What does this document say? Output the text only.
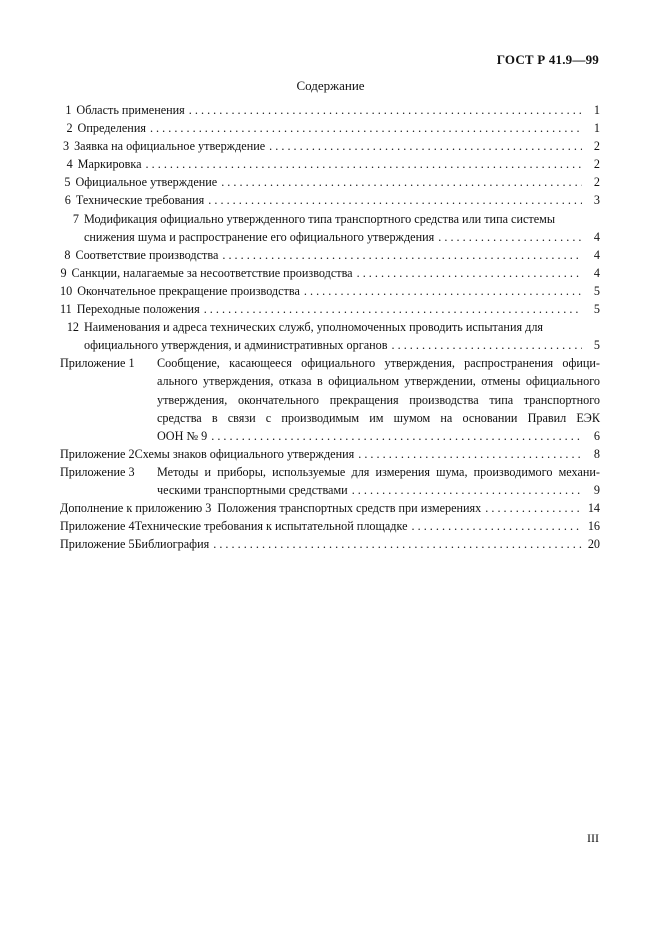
ГОСТ Р 41.9—99
Содержание
1 Область применения . . .	1
2 Определения . . .	1
3 Заявка на официальное утверждение . . .	2
4 Маркировка . . .	2
5 Официальное утверждение . . .	2
6 Технические требования . . .	3
7 Модификация официально утвержденного типа транспортного средства или типа системы
снижения шума и распространение его официального утверждения . . .	4
8 Соответствие производства . . .	4
9 Санкции, налагаемые за несоответствие производства . . .	4
10 Окончательное прекращение производства . . .	5
11 Переходные положения . . .	5
12 Наименования и адреса технических служб, уполномоченных проводить испытания для
официального утверждения, и административных органов . . .	5
Приложение 1	Сообщение, касающееся официального утверждения, распространения офици-
ального утверждения, отказа в официальном утверждении, отмены официального
утверждения, окончательного прекращения производства типа транспортного
средства в связи с производимым им шумом на основании Правил ЕЭК
ООН № 9 . . .	6
Приложение 2 Схемы знаков официального утверждения . . .	8
Приложение 3	Методы и приборы, используемые для измерения шума, производимого механи-
ческими транспортными средствами . . .	9
Дополнение к приложению 3
Положения транспортных средств при измерениях . . .	14
Приложение 4 Технические требования к испытательной площадке . . .	16
Приложение 5 Библиография . . .	20
III
